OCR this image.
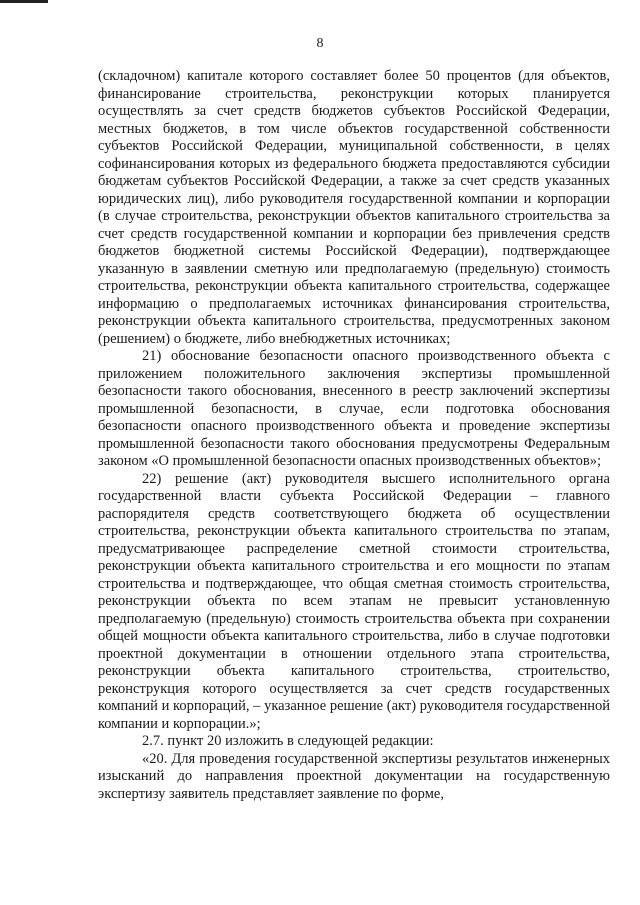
8

(складочном) капитале которого составляет более 50 процентов (для объектов, финансирование строительства, реконструкции которых планируется осуществлять за счет средств бюджетов субъектов Российской Федерации, местных бюджетов, в том числе объектов государственной собственности субъектов Российской Федерации, муниципальной собственности, в целях софинансирования которых из федерального бюджета предоставляются субсидии бюджетам субъектов Российской Федерации, а также за счет средств указанных юридических лиц), либо руководителя государственной компании и корпорации (в случае строительства, реконструкции объектов капитального строительства за счет средств государственной компании и корпорации без привлечения средств бюджетов бюджетной системы Российской Федерации), подтверждающее указанную в заявлении сметную или предполагаемую (предельную) стоимость строительства, реконструкции объекта капитального строительства, содержащее информацию о предполагаемых источниках финансирования строительства, реконструкции объекта капитального строительства, предусмотренных законом (решением) о бюджете, либо внебюджетных источниках;

21) обоснование безопасности опасного производственного объекта с приложением положительного заключения экспертизы промышленной безопасности такого обоснования, внесенного в реестр заключений экспертизы промышленной безопасности, в случае, если подготовка обоснования безопасности опасного производственного объекта и проведение экспертизы промышленной безопасности такого обоснования предусмотрены Федеральным законом «О промышленной безопасности опасных производственных объектов»;

22) решение (акт) руководителя высшего исполнительного органа государственной власти субъекта Российской Федерации – главного распорядителя средств соответствующего бюджета об осуществлении строительства, реконструкции объекта капитального строительства по этапам, предусматривающее распределение сметной стоимости строительства, реконструкции объекта капитального строительства и его мощности по этапам строительства и подтверждающее, что общая сметная стоимость строительства, реконструкции объекта по всем этапам не превысит установленную предполагаемую (предельную) стоимость строительства объекта при сохранении общей мощности объекта капитального строительства, либо в случае подготовки проектной документации в отношении отдельного этапа строительства, реконструкции объекта капитального строительства, строительство, реконструкция которого осуществляется за счет средств государственных компаний и корпораций, – указанное решение (акт) руководителя государственной компании и корпорации.»;

2.7. пункт 20 изложить в следующей редакции:

«20. Для проведения государственной экспертизы результатов инженерных изысканий до направления проектной документации на государственную экспертизу заявитель представляет заявление по форме,
